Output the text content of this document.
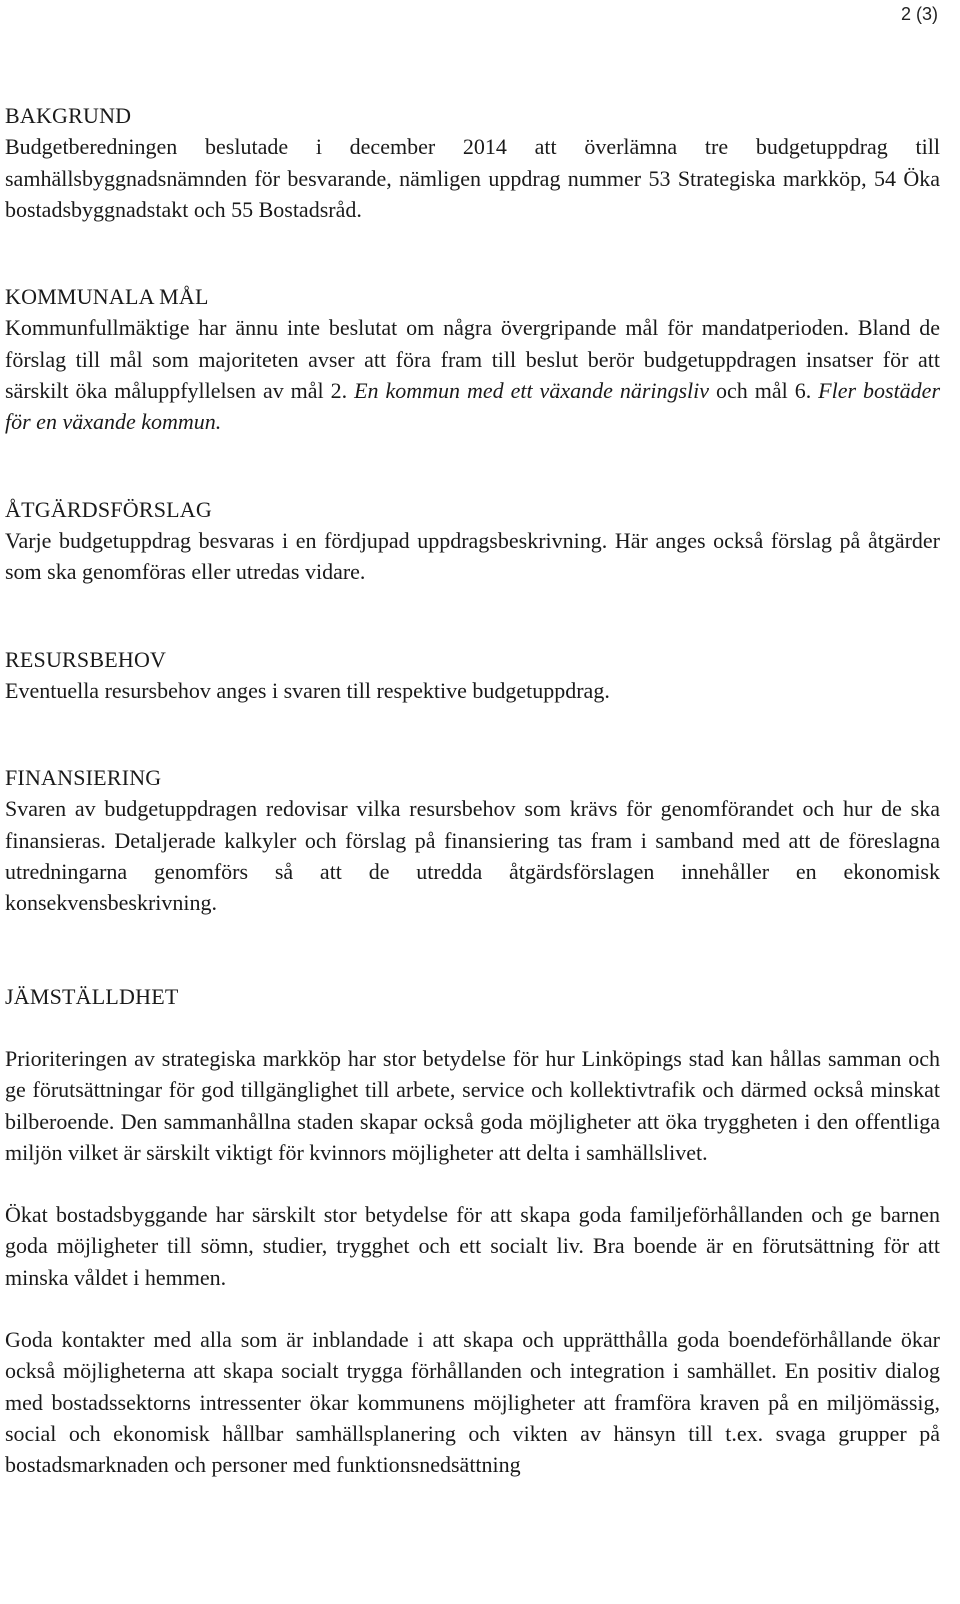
2 (3)
BAKGRUND

Budgetberedningen beslutade i december 2014 att överlämna tre budgetuppdrag till samhällsbyggnadsnämnden för besvarande, nämligen uppdrag nummer 53 Strategiska markköp, 54 Öka bostadsbyggnadstakt och 55 Bostadsråd.

KOMMUNALA MÅL

Kommunfullmäktige har ännu inte beslutat om några övergripande mål för mandatperioden. Bland de förslag till mål som majoriteten avser att föra fram till beslut berör budgetuppdragen insatser för att särskilt öka måluppfyllelsen av mål 2. En kommun med ett växande näringsliv och mål 6. Fler bostäder för en växande kommun.

ÅTGÄRDSFÖRSLAG

Varje budgetuppdrag besvaras i en fördjupad uppdragsbeskrivning. Här anges också förslag på åtgärder som ska genomföras eller utredas vidare.

RESURSBEHOV

Eventuella resursbehov anges i svaren till respektive budgetuppdrag.

FINANSIERING

Svaren av budgetuppdragen redovisar vilka resursbehov som krävs för genomförandet och hur de ska finansieras. Detaljerade kalkyler och förslag på finansiering tas fram i samband med att de föreslagna utredningarna genomförs så att de utredda åtgärdsförslagen innehåller en ekonomisk konsekvensbeskrivning.

JÄMSTÄLLDHET

Prioriteringen av strategiska markköp har stor betydelse för hur Linköpings stad kan hållas samman och ge förutsättningar för god tillgänglighet till arbete, service och kollektivtrafik och därmed också minskat bilberoende. Den sammanhållna staden skapar också goda möjligheter att öka tryggheten i den offentliga miljön vilket är särskilt viktigt för kvinnors möjligheter att delta i samhällslivet.

Ökat bostadsbyggande har särskilt stor betydelse för att skapa goda familjeförhållanden och ge barnen goda möjligheter till sömn, studier, trygghet och ett socialt liv. Bra boende är en förutsättning för att minska våldet i hemmen.

Goda kontakter med alla som är inblandade i att skapa och upprätthålla goda boendeförhållande ökar också möjligheterna att skapa socialt trygga förhållanden och integration i samhället. En positiv dialog med bostadssektorns intressenter ökar kommunens möjligheter att framföra kraven på en miljömässig, social och ekonomisk hållbar samhällsplanering och vikten av hänsyn till t.ex. svaga grupper på bostadsmarknaden och personer med funktionsnedsättning
